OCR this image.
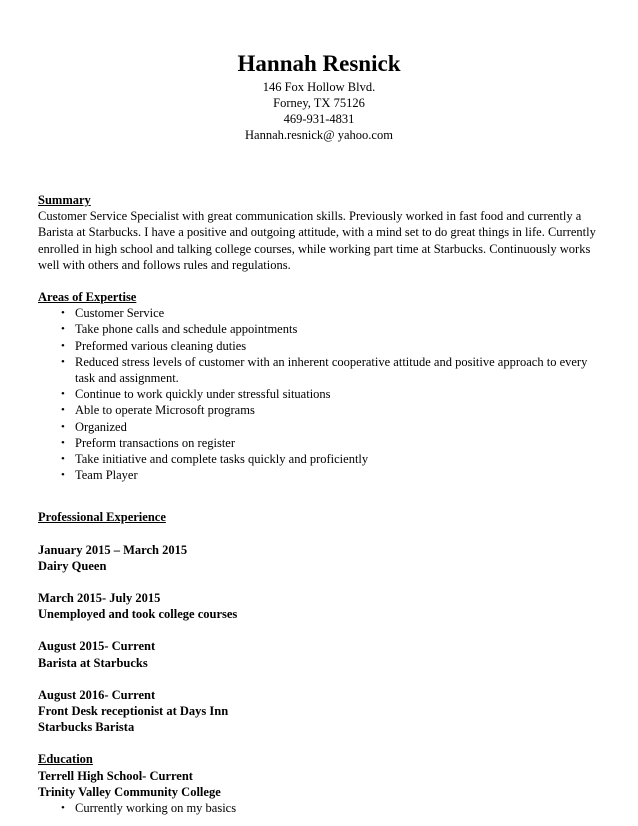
Hannah Resnick
146 Fox Hollow Blvd.
Forney, TX 75126
469-931-4831
Hannah.resnick@ yahoo.com
Summary
Customer Service Specialist with great communication skills. Previously worked in fast food and currently a
Barista at Starbucks. I have a positive and outgoing attitude, with a mind set to do great things in life. Currently
enrolled in high school and talking college courses, while working part time at Starbucks. Continuously works
well with others and follows rules and regulations.
Areas of Expertise
• Customer Service
• Take phone calls and schedule appointments
• Preformed various cleaning duties
• Reduced stress levels of customer with an inherent cooperative attitude and positive approach to every task and assignment.
• Continue to work quickly under stressful situations
• Able to operate Microsoft programs
• Organized
• Preform transactions on register
• Take initiative and complete tasks quickly and proficiently
• Team Player
Professional Experience
January 2015 – March 2015
Dairy Queen
March 2015- July 2015
Unemployed and took college courses
August 2015- Current
Barista at Starbucks
August 2016- Current
Front Desk receptionist at Days Inn
Starbucks Barista
Education
Terrell High School- Current
Trinity Valley Community College
• Currently working on my basics
